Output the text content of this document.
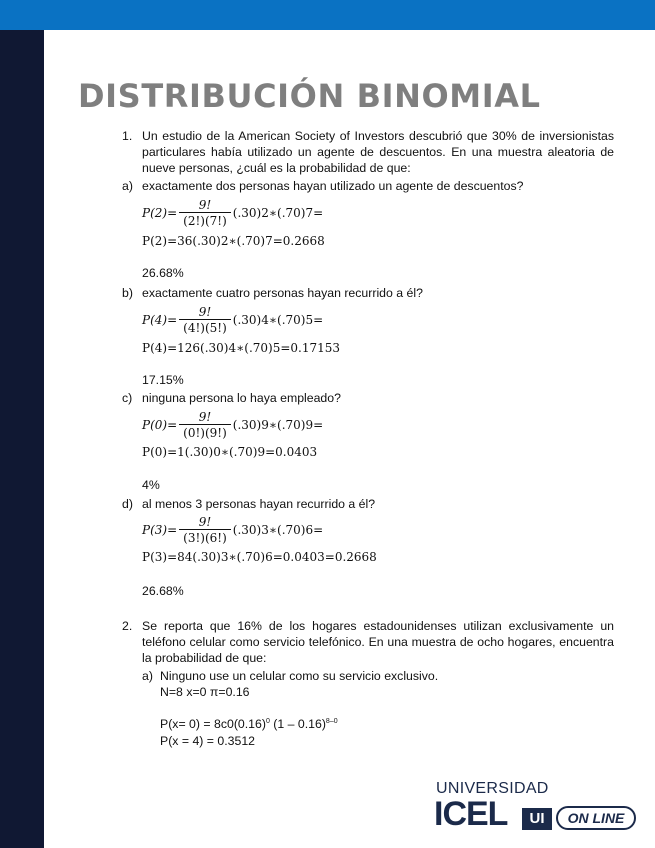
DISTRIBUCIÓN BINOMIAL
1. Un estudio de la American Society of Investors descubrió que 30% de inversionistas particulares había utilizado un agente de descuentos. En una muestra aleatoria de nueve personas, ¿cuál es la probabilidad de que:
a) exactamente dos personas hayan utilizado un agente de descuentos?
$P(2)= \frac{9!}{(2!)(7!)}$ (.30)2∗(.70)7=
P(2)=36(.30)2∗(.70)7=0.2668
26.68%
b) exactamente cuatro personas hayan recurrido a él?
$P(4)= \frac{9!}{(4!)(5!)}$ (.30)4∗(.70)5=
P(4)=126(.30)4∗(.70)5=0.17153
17.15%
c) ninguna persona lo haya empleado?
$P(0)= \frac{9!}{(0!)(9!)}$ (.30)9∗(.70)9=
P(0)=1(.30)0∗(.70)9=0.0403
4%
d) al menos 3 personas hayan recurrido a él?
$P(3)= \frac{9!}{(3!)(6!)}$ (.30)3∗(.70)6=
P(3)=84(.30)3∗(.70)6=0.0403=0.2668
26.68%
2. Se reporta que 16% de los hogares estadounidenses utilizan exclusivamente un teléfono celular como servicio telefónico. En una muestra de ocho hogares, encuentra la probabilidad de que:
a) Ninguno use un celular como su servicio exclusivo.
N=8 x=0 π=0.16
$P(x= 0) = 8c0(0.16)^0$ (1 – 0.16)$^{8-0}$
P(x = 4) = 0.3512
UNIVERSIDAD
ICEL	UI	ON LINE
